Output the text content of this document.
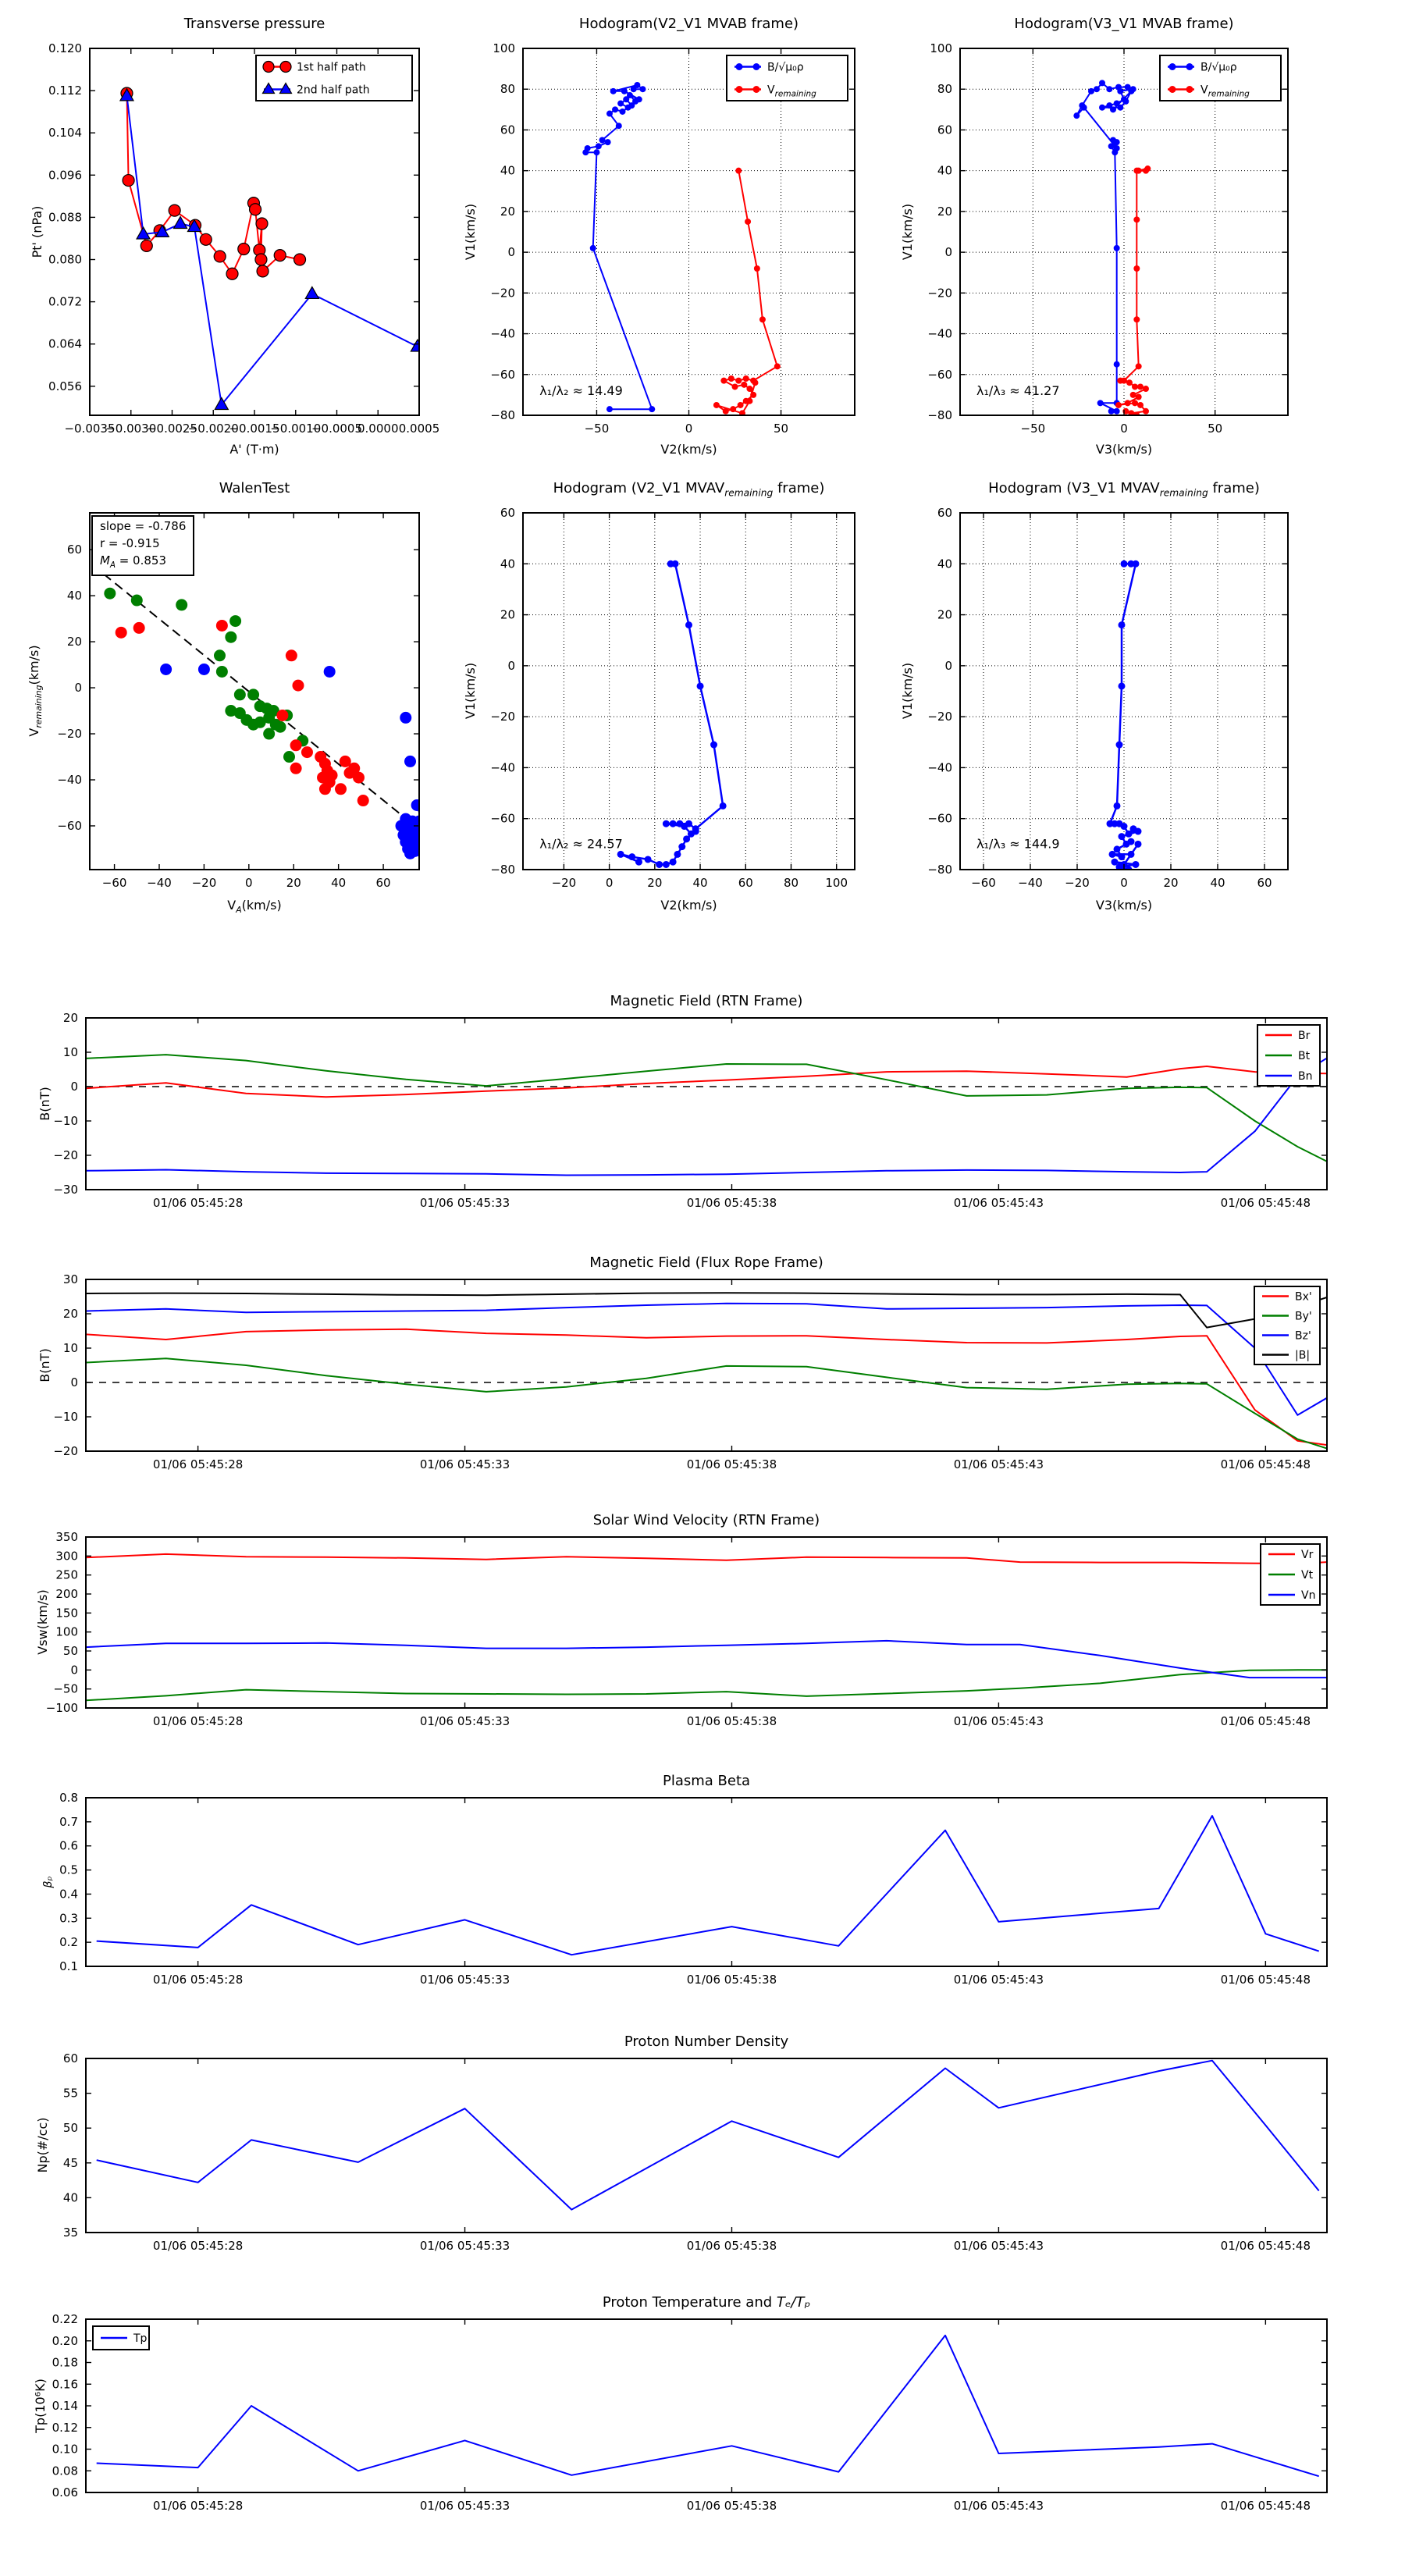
Transverse pressure
Pt' (nPa)
−0.0035
−0.0030
−0.0025
−0.0020
−0.0015
−0.0010
−0.0005
0.0000 0.0005
0.056
0.064
0.072
0.080
0.088
0.096
0.104
0.112
0.120
1st half path
2nd half path
A' (T·m)
Hodogram(V2_V1 MVAB frame)
V1(km/s)
−50	0	50
−80
−60
−40
−20
0
20
40
60
80
100
λ₁/λ₂ ≈ 14.49
B/√μ₀ρ
$V_{remaining}$
V2(km/s)
Hodogram(V3_V1 MVAB frame)
V1(km/s)
−50	0	50
−80
−60
−40
−20
0
20
40
60
80
100
λ₁/λ₃ ≈ 41.27
B/√μ₀ρ
$V_{remaining}$
V3(km/s)
WalenTest
$V_{remaining}(km/s)$
−60 −40 −20 0	20	40	60
−60
−40
−20
0
20
40
60
$V_A(km/s)$
slope = -0.786
r = -0.915
$M_A = 0.853$
Hodogram (V2_V1 $MVAV_{remaining}$ frame)
V1(km/s)
−20	0	20	40	60	80 100
−80
−60
−40
−20
0
20
40
60
λ₁/λ₂ ≈ 24.57
V2(km/s)
Hodogram (V3_V1 $MVAV_{remaining}$ frame)
V1(km/s)
−60 −40 −20	0	20	40	60
−80
−60
−40
−20
0
20
40
60
λ₁/λ₃ ≈ 144.9
V3(km/s)
Magnetic Field (RTN Frame)
B(nT)
01/06 05:45:28	01/06 05:45:33	01/06 05:45:38	01/06 05:45:43	01/06 05:45:48
−30
−20
−10
0
10
20
Br
Bt
Bn
Magnetic Field (Flux Rope Frame)
B(nT)
01/06 05:45:28	01/06 05:45:33	01/06 05:45:38	01/06 05:45:43	01/06 05:45:48
−20
−10
0
10
20
30
Bx'
By'
Bz'
|B|
Solar Wind Velocity (RTN Frame)
Vsw(km/s)
01/06 05:45:28	01/06 05:45:33	01/06 05:45:38	01/06 05:45:43	01/06 05:45:48
−100
−50
0
50
100
150
200
250
300
350
Vr
Vt
Vn
Plasma Beta
βₚ
01/06 05:45:28	01/06 05:45:33	01/06 05:45:38	01/06 05:45:43	01/06 05:45:48
0.1
0.2
0.3
0.4
0.5
0.6
0.7
0.8
Proton Number Density
Np(#/cc)
01/06 05:45:28	01/06 05:45:33	01/06 05:45:38	01/06 05:45:43	01/06 05:45:48
35
40
45
50
55
60
Proton Temperature and Tₑ/Tₚ
Tp(10⁶K)
01/06 05:45:28	01/06 05:45:33	01/06 05:45:38	01/06 05:45:43	01/06 05:45:48
0.06
0.08
0.10
0.12
0.14
0.16
0.18
0.20
0.22
Tp
